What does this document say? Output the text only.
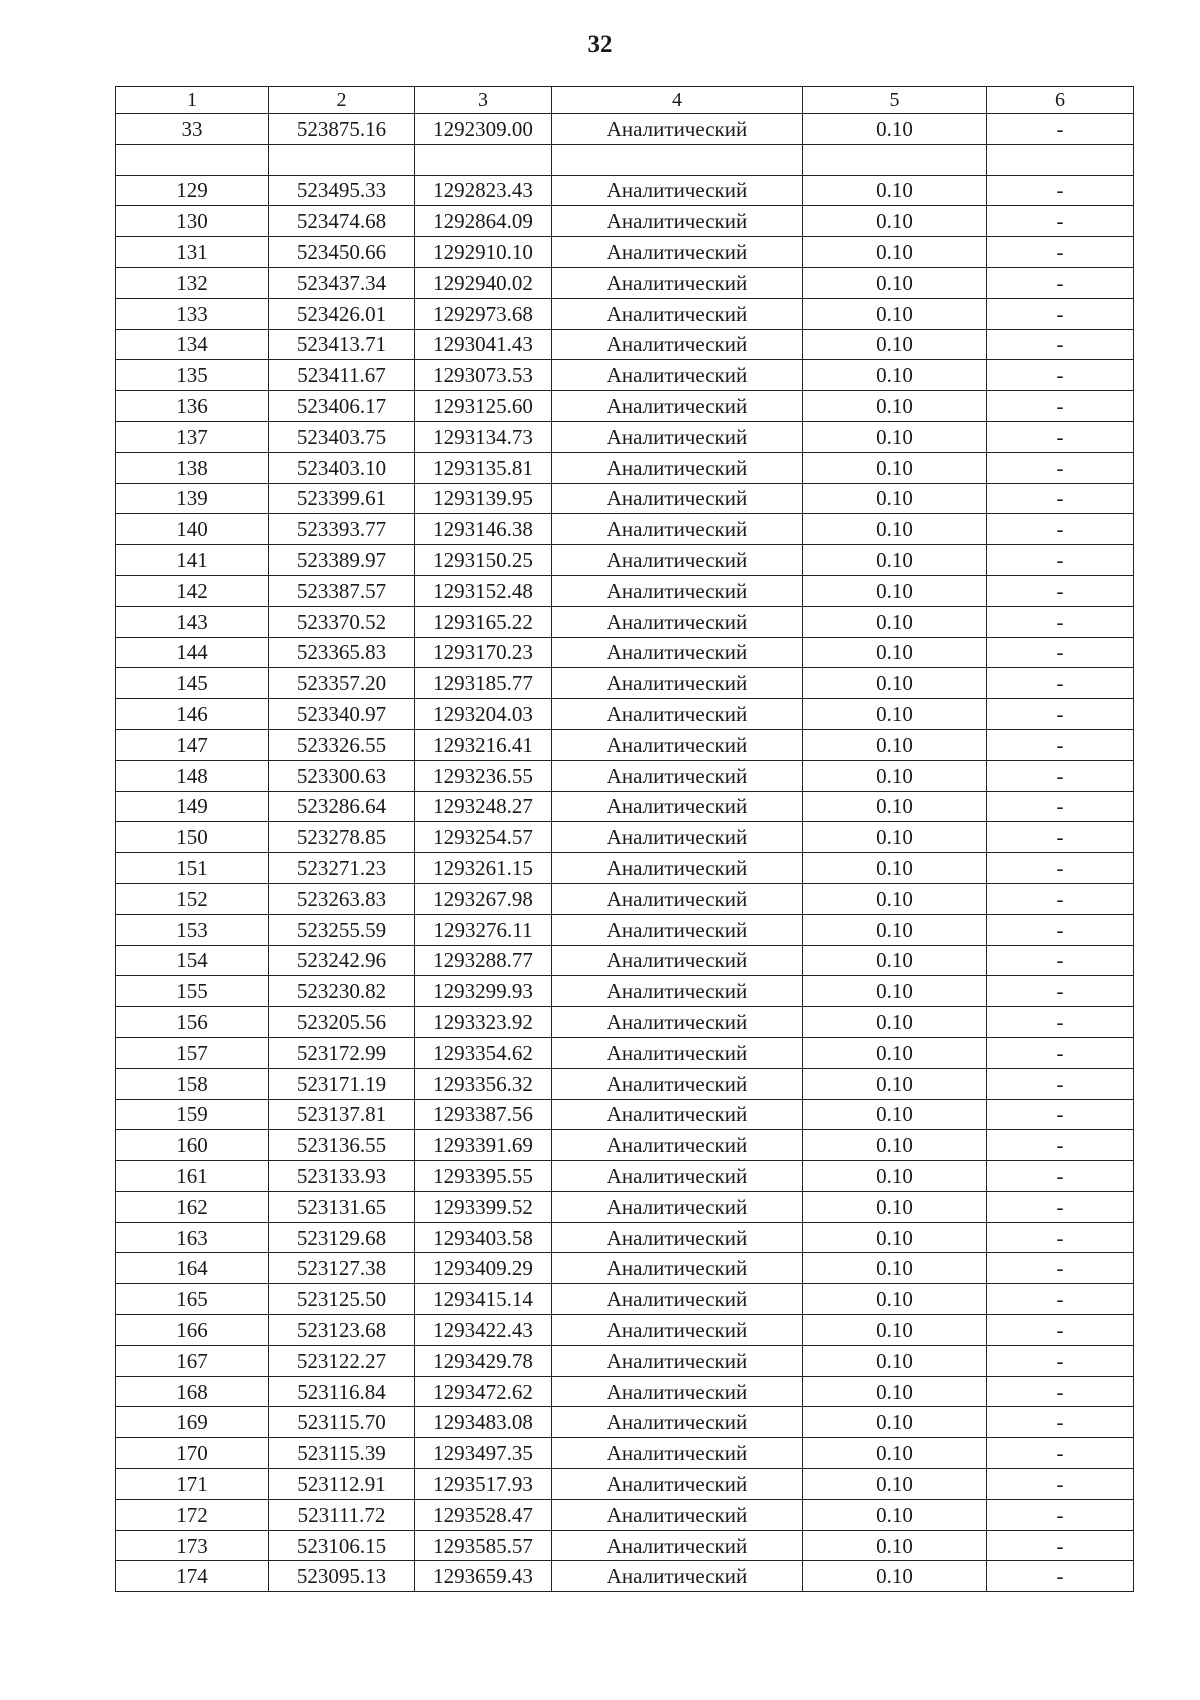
32
1	2	3	4	5	6
33	523875.16	1292309.00	Аналитический	0.10	-

129	523495.33	1292823.43	Аналитический	0.10	-
130	523474.68	1292864.09	Аналитический	0.10	-
131	523450.66	1292910.10	Аналитический	0.10	-
132	523437.34	1292940.02	Аналитический	0.10	-
133	523426.01	1292973.68	Аналитический	0.10	-
134	523413.71	1293041.43	Аналитический	0.10	-
135	523411.67	1293073.53	Аналитический	0.10	-
136	523406.17	1293125.60	Аналитический	0.10	-
137	523403.75	1293134.73	Аналитический	0.10	-
138	523403.10	1293135.81	Аналитический	0.10	-
139	523399.61	1293139.95	Аналитический	0.10	-
140	523393.77	1293146.38	Аналитический	0.10	-
141	523389.97	1293150.25	Аналитический	0.10	-
142	523387.57	1293152.48	Аналитический	0.10	-
143	523370.52	1293165.22	Аналитический	0.10	-
144	523365.83	1293170.23	Аналитический	0.10	-
145	523357.20	1293185.77	Аналитический	0.10	-
146	523340.97	1293204.03	Аналитический	0.10	-
147	523326.55	1293216.41	Аналитический	0.10	-
148	523300.63	1293236.55	Аналитический	0.10	-
149	523286.64	1293248.27	Аналитический	0.10	-
150	523278.85	1293254.57	Аналитический	0.10	-
151	523271.23	1293261.15	Аналитический	0.10	-
152	523263.83	1293267.98	Аналитический	0.10	-
153	523255.59	1293276.11	Аналитический	0.10	-
154	523242.96	1293288.77	Аналитический	0.10	-
155	523230.82	1293299.93	Аналитический	0.10	-
156	523205.56	1293323.92	Аналитический	0.10	-
157	523172.99	1293354.62	Аналитический	0.10	-
158	523171.19	1293356.32	Аналитический	0.10	-
159	523137.81	1293387.56	Аналитический	0.10	-
160	523136.55	1293391.69	Аналитический	0.10	-
161	523133.93	1293395.55	Аналитический	0.10	-
162	523131.65	1293399.52	Аналитический	0.10	-
163	523129.68	1293403.58	Аналитический	0.10	-
164	523127.38	1293409.29	Аналитический	0.10	-
165	523125.50	1293415.14	Аналитический	0.10	-
166	523123.68	1293422.43	Аналитический	0.10	-
167	523122.27	1293429.78	Аналитический	0.10	-
168	523116.84	1293472.62	Аналитический	0.10	-
169	523115.70	1293483.08	Аналитический	0.10	-
170	523115.39	1293497.35	Аналитический	0.10	-
171	523112.91	1293517.93	Аналитический	0.10	-
172	523111.72	1293528.47	Аналитический	0.10	-
173	523106.15	1293585.57	Аналитический	0.10	-
174	523095.13	1293659.43	Аналитический	0.10	-
